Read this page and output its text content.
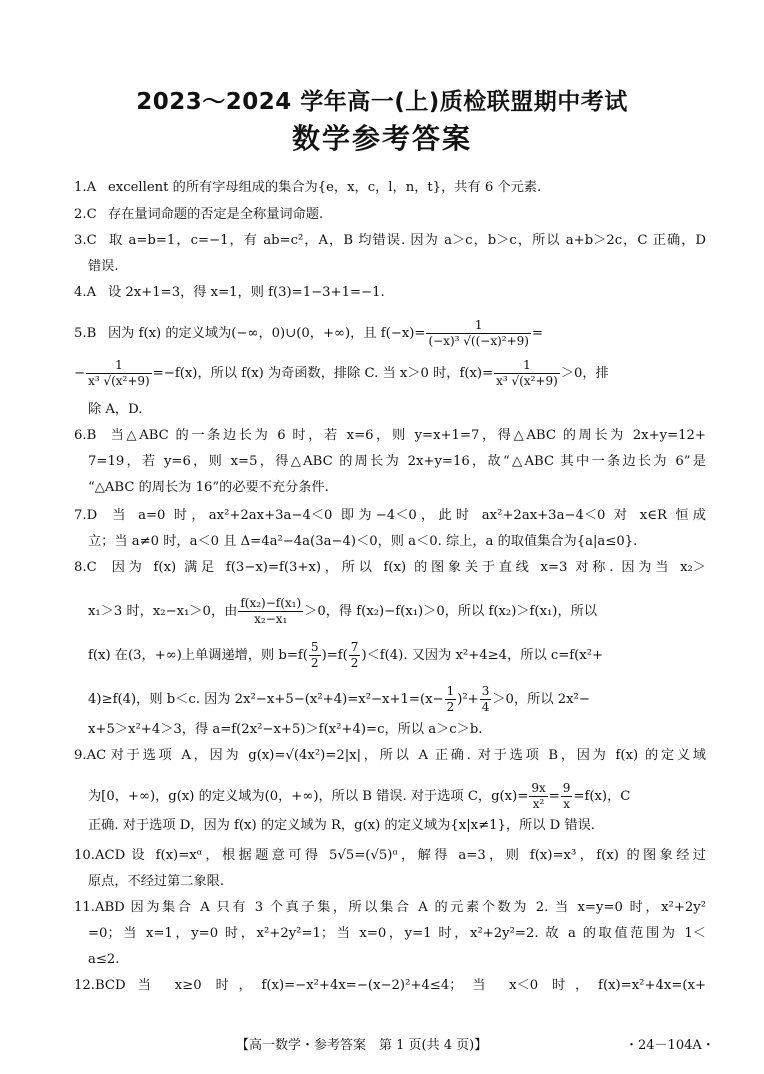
2023～2024 学年高一(上)质检联盟期中考试
数学参考答案
1.A excellent 的所有字母组成的集合为{e，x，c，l，n，t}，共有 6 个元素.
2.C 存在量词命题的否定是全称量词命题.
3.C 取 a=b=1，c=−1，有 ab=c²，A，B 均错误. 因为 a＞c，b＞c，所以 a+b＞2c，C 正确，D
错误.
4.A 设 2x+1=3，得 x=1，则 f(3)=1−3+1=−1.
5.B 因为 f(x) 的定义域为(−∞，0)∪(0，+∞)，且 $f(-x)= \frac{1}{\text{(−x)³ √((−x)²+9)}}$ =
− $\frac{1}{\text{x³ √(x²+9)}} =-f(x)$，所以 f(x) 为奇函数，排除 C. 当 x＞0 时，$f(x)= \frac{1}{\text{x³ √(x²+9)}} >0$，排
除 A，D.
6.B 当△ABC 的一条边长为 6 时，若 x=6，则 y=x+1=7，得△ABC 的周长为 2x+y=12+
7=19，若 y=6，则 x=5，得△ABC 的周长为 2x+y=16，故“△ABC 其中一条边长为 6”是
“△ABC 的周长为 16”的必要不充分条件.
7.D 当 a=0 时，ax²+2ax+3a−4＜0 即为−4＜0，此时 ax²+2ax+3a−4＜0 对 x∈R 恒成
立；当 a≠0 时，a＜0 且 Δ=4a²−4a(3a−4)＜0，则 a＜0. 综上，a 的取值集合为{a|a≤0}.
8.C 因为 f(x) 满足 f(3−x)=f(3+x)，所以 f(x) 的图象关于直线 x=3 对称. 因为当 x₂＞
x₁＞3 时，x₂−x₁＞0，由 $\frac{\text{f(x₂)−f(x₁)}}{\text{x₂−x₁}} >0$，得 f(x₂)−f(x₁)＞0，所以 f(x₂)＞f(x₁)，所以
f(x) 在(3，+∞)上单调递增，则 $b=f( \frac{5}{2} )=f( \frac{7}{2} )<f(4)$. 又因为 x²+4≥4，所以 c=f(x²+
4)≥f(4)，则 b＜c. 因为 $2x^2-x+5-(x^2+4)=x^2-x+1=(x- \frac{1}{2} )^2+ \frac{3}{4} >0$，所以 2x²−
x+5＞x²+4＞3，得 a=f(2x²−x+5)＞f(x²+4)=c，所以 a＞c＞b.
9.AC 对于选项 A，因为 g(x)=√(4x²)=2|x|，所以 A 正确. 对于选项 B，因为 f(x) 的定义域
为[0，+∞)，g(x) 的定义域为(0，+∞)，所以 B 错误. 对于选项 C，$g(x)= \frac{9x}{\text{x²}} = \frac{9}{x} =f(x)$，C
正确. 对于选项 D，因为 f(x) 的定义域为 R，g(x) 的定义域为{x|x≠1}，所以 D 错误.
10.ACD 设 f(x)=xᵅ，根据题意可得 5√5=(√5)ᵅ，解得 a=3，则 f(x)=x³，f(x) 的图象经过
原点，不经过第二象限.
11.ABD 因为集合 A 只有 3 个真子集，所以集合 A 的元素个数为 2. 当 x=y=0 时，x²+2y²
=0；当 x=1，y=0 时，x²+2y²=1；当 x=0，y=1 时，x²+2y²=2. 故 a 的取值范围为 1＜
a≤2.
12.BCD 当 x≥0 时，f(x)=−x²+4x=−(x−2)²+4≤4；当 x＜0 时，f(x)=x²+4x=(x+
【高一数学・参考答案　第 1 页(共 4 页)】	・24－104A・
